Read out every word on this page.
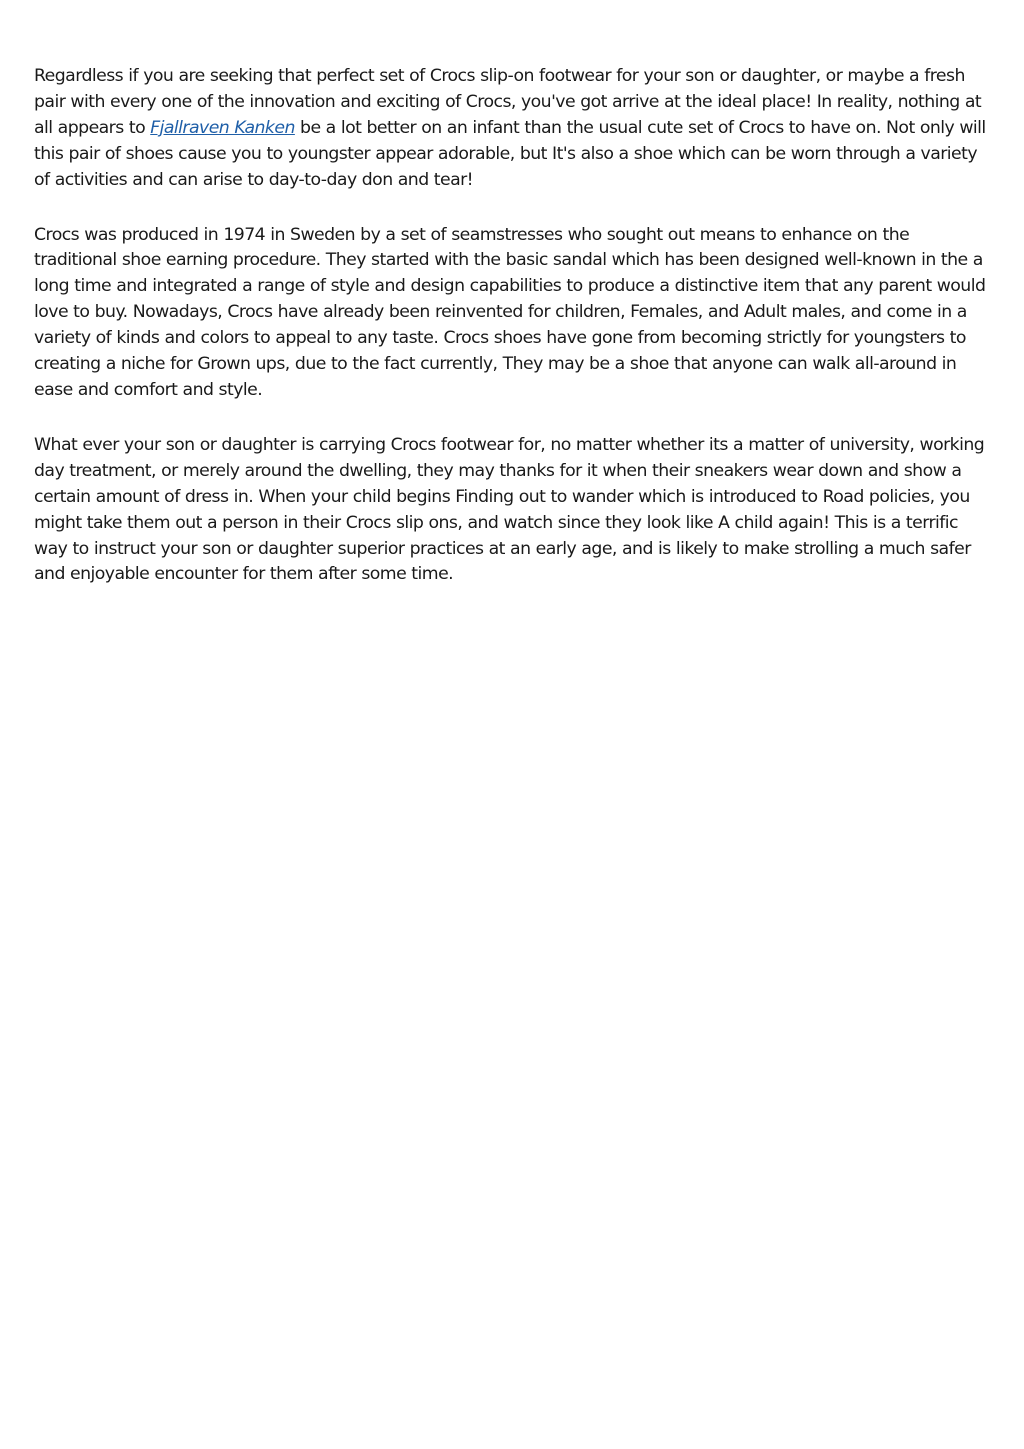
Regardless if you are seeking that perfect set of Crocs slip-on footwear for your son or daughter, or maybe a fresh pair with every one of the innovation and exciting of Crocs, you've got arrive at the ideal place! In reality, nothing at all appears to Fjallraven Kanken be a lot better on an infant than the usual cute set of Crocs to have on. Not only will this pair of shoes cause you to youngster appear adorable, but It's also a shoe which can be worn through a variety of activities and can arise to day-to-day don and tear!

Crocs was produced in 1974 in Sweden by a set of seamstresses who sought out means to enhance on the traditional shoe earning procedure. They started with the basic sandal which has been designed well-known in the a long time and integrated a range of style and design capabilities to produce a distinctive item that any parent would love to buy. Nowadays, Crocs have already been reinvented for children, Females, and Adult males, and come in a variety of kinds and colors to appeal to any taste. Crocs shoes have gone from becoming strictly for youngsters to creating a niche for Grown ups, due to the fact currently, They may be a shoe that anyone can walk all-around in ease and comfort and style.

What ever your son or daughter is carrying Crocs footwear for, no matter whether its a matter of university, working day treatment, or merely around the dwelling, they may thanks for it when their sneakers wear down and show a certain amount of dress in. When your child begins Finding out to wander which is introduced to Road policies, you might take them out a person in their Crocs slip ons, and watch since they look like A child again! This is a terrific way to instruct your son or daughter superior practices at an early age, and is likely to make strolling a much safer and enjoyable encounter for them after some time.
